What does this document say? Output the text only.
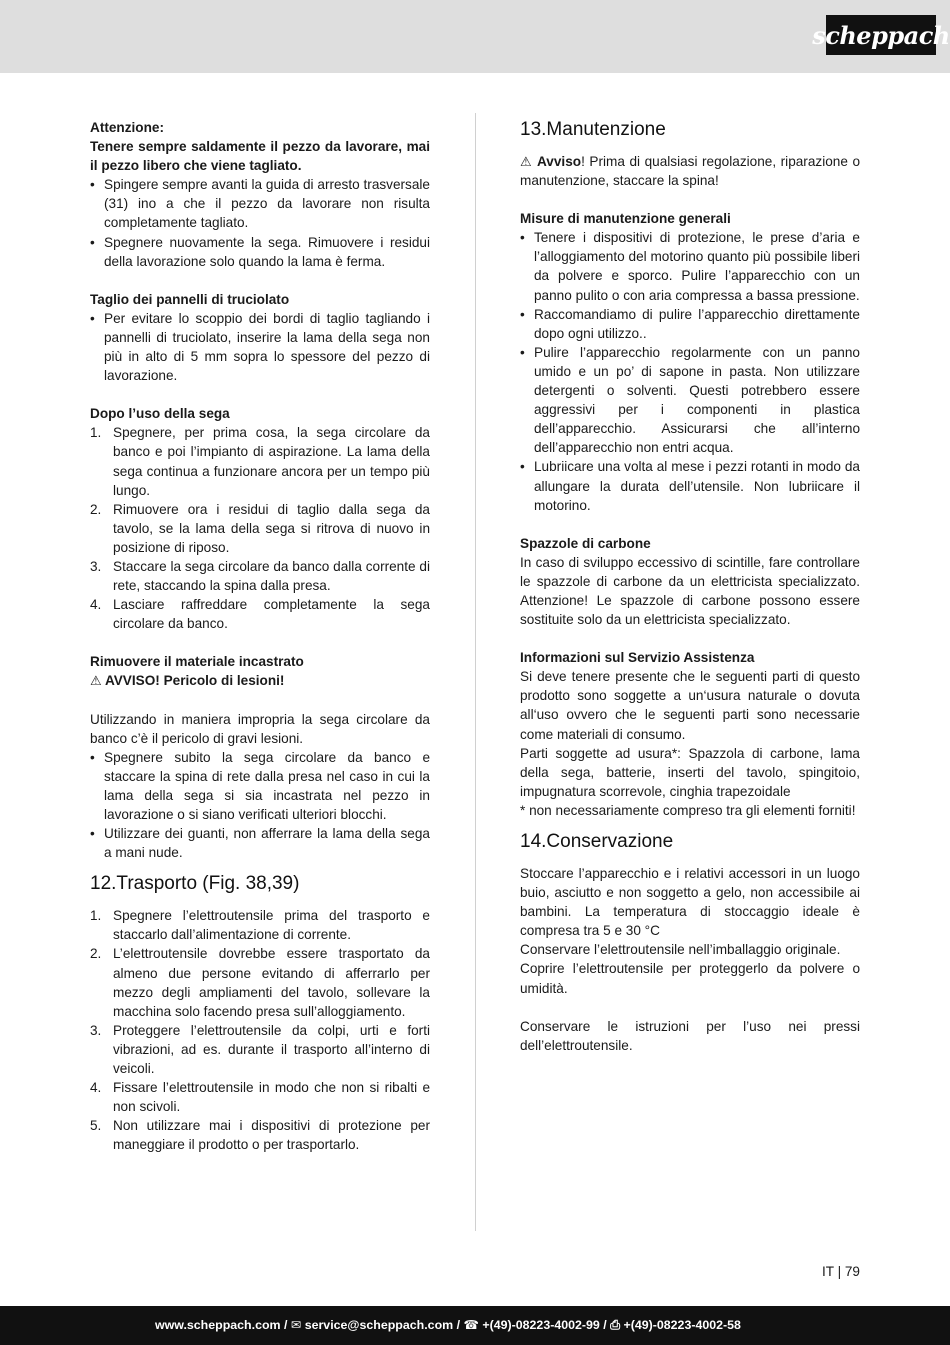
scheppach

Attenzione:

Tenere sempre saldamente il pezzo da lavorare, mai il pezzo libero che viene tagliato.

• Spingere sempre avanti la guida di arresto trasversale (31) ino a che il pezzo da lavorare non risulta completamente tagliato.
• Spegnere nuovamente la sega. Rimuovere i residui della lavorazione solo quando la lama è ferma.

Taglio dei pannelli di truciolato

• Per evitare lo scoppio dei bordi di taglio tagliando i pannelli di truciolato, inserire la lama della sega non più in alto di 5 mm sopra lo spessore del pezzo di lavorazione.

Dopo l’uso della sega

1. Spegnere, per prima cosa, la sega circolare da banco e poi l’impianto di aspirazione. La lama della sega continua a funzionare ancora per un tempo più lungo.
2. Rimuovere ora i residui di taglio dalla sega da tavolo, se la lama della sega si ritrova di nuovo in posizione di riposo.
3. Staccare la sega circolare da banco dalla corrente di rete, staccando la spina dalla presa.
4. Lasciare raffreddare completamente la sega circolare da banco.

Rimuovere il materiale incastrato

⚠ AVVISO! Pericolo di lesioni!

Utilizzando in maniera impropria la sega circolare da banco c’è il pericolo di gravi lesioni.

• Spegnere subito la sega circolare da banco e staccare la spina di rete dalla presa nel caso in cui la lama della sega si sia incastrata nel pezzo in lavorazione o si siano verificati ulteriori blocchi.
• Utilizzare dei guanti, non afferrare la lama della sega a mani nude.
12.Trasporto (Fig. 38,39)
1. Spegnere l’elettroutensile prima del trasporto e staccarlo dall’alimentazione di corrente.
2. L’elettroutensile dovrebbe essere trasportato da almeno due persone evitando di afferrarlo per mezzo degli ampliamenti del tavolo, sollevare la macchina solo facendo presa sull’alloggiamento.
3. Proteggere l’elettroutensile da colpi, urti e forti vibrazioni, ad es. durante il trasporto all’interno di veicoli.
4. Fissare l’elettroutensile in modo che non si ribalti e non scivoli.
5. Non utilizzare mai i dispositivi di protezione per maneggiare il prodotto o per trasportarlo.
13.Manutenzione

⚠ Avviso! Prima di qualsiasi regolazione, riparazione o manutenzione, staccare la spina!

Misure di manutenzione generali

• Tenere i dispositivi di protezione, le prese d’aria e l’alloggiamento del motorino quanto più possibile liberi da polvere e sporco. Pulire l’apparecchio con un panno pulito o con aria compressa a bassa pressione.
• Raccomandiamo di pulire l’apparecchio direttamente dopo ogni utilizzo..
• Pulire l’apparecchio regolarmente con un panno umido e un po’ di sapone in pasta. Non utilizzare detergenti o solventi. Questi potrebbero essere aggressivi per i componenti in plastica dell’apparecchio. Assicurarsi che all’interno dell’apparecchio non entri acqua.
• Lubriicare una volta al mese i pezzi rotanti in modo da allungare la durata dell’utensile. Non lubriicare il motorino.

Spazzole di carbone

In caso di sviluppo eccessivo di scintille, fare controllare le spazzole di carbone da un elettricista specializzato. Attenzione! Le spazzole di carbone possono essere sostituite solo da un elettricista specializzato.

Informazioni sul Servizio Assistenza

Si deve tenere presente che le seguenti parti di questo prodotto sono soggette a un‘usura naturale o dovuta all‘uso ovvero che le seguenti parti sono necessarie come materiali di consumo.

Parti soggette ad usura*: Spazzola di carbone, lama della sega, batterie, inserti del tavolo, spingitoio, impugnatura scorrevole, cinghia trapezoidale

* non necessariamente compreso tra gli elementi forniti!

14.Conservazione

Stoccare l’apparecchio e i relativi accessori in un luogo buio, asciutto e non soggetto a gelo, non accessibile ai bambini. La temperatura di stoccaggio ideale è compresa tra 5 e 30 °C

Conservare l’elettroutensile nell’imballaggio originale.

Coprire l’elettroutensile per proteggerlo da polvere o umidità.

Conservare le istruzioni per l’uso nei pressi dell’elettroutensile.

IT | 79
www.scheppach.com / ✉ service@scheppach.com / ☎ +(49)-08223-4002-99 / ⎙ +(49)-08223-4002-58
